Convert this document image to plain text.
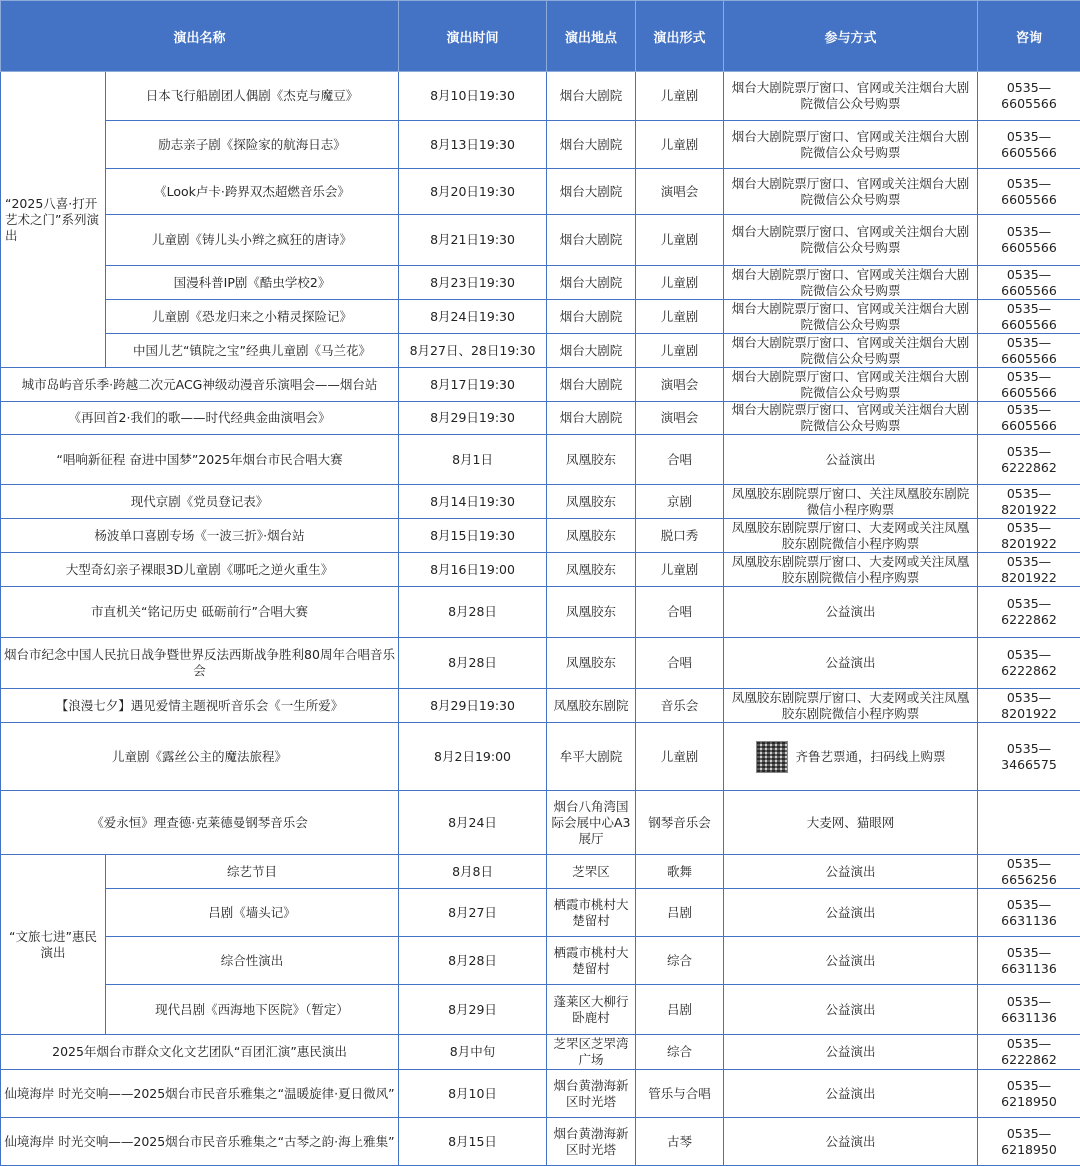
演出名称		演出时间	演出地点	演出形式	参与方式	咨询
“2025八喜·打开艺术之门”系列演出	日本飞行船剧团人偶剧《杰克与魔豆》	8月10日19:30	烟台大剧院	儿童剧	烟台大剧院票厅窗口、官网或关注烟台大剧院微信公众号购票	0535—6605566
	励志亲子剧《探险家的航海日志》	8月13日19:30	烟台大剧院	儿童剧	烟台大剧院票厅窗口、官网或关注烟台大剧院微信公众号购票	0535—6605566
	《Look卢卡·跨界双杰超燃音乐会》	8月20日19:30	烟台大剧院	演唱会	烟台大剧院票厅窗口、官网或关注烟台大剧院微信公众号购票	0535—6605566
	儿童剧《铸儿头小辫之疯狂的唐诗》	8月21日19:30	烟台大剧院	儿童剧	烟台大剧院票厅窗口、官网或关注烟台大剧院微信公众号购票	0535—6605566
	国漫科普IP剧《酷虫学校2》	8月23日19:30	烟台大剧院	儿童剧	烟台大剧院票厅窗口、官网或关注烟台大剧院微信公众号购票	0535—6605566
	儿童剧《恐龙归来之小精灵探险记》	8月24日19:30	烟台大剧院	儿童剧	烟台大剧院票厅窗口、官网或关注烟台大剧院微信公众号购票	0535—6605566
	中国儿艺“镇院之宝”经典儿童剧《马兰花》	8月27日、28日19:30	烟台大剧院	儿童剧	烟台大剧院票厅窗口、官网或关注烟台大剧院微信公众号购票	0535—6605566
城市岛屿音乐季·跨越二次元ACG神级动漫音乐演唱会——烟台站		8月17日19:30	烟台大剧院	演唱会	烟台大剧院票厅窗口、官网或关注烟台大剧院微信公众号购票	0535—6605566
《再回首2·我们的歌——时代经典金曲演唱会》		8月29日19:30	烟台大剧院	演唱会	烟台大剧院票厅窗口、官网或关注烟台大剧院微信公众号购票	0535—6605566
“唱响新征程 奋进中国梦”2025年烟台市民合唱大赛		8月1日	凤凰胶东	合唱	公益演出	0535—6222862
现代京剧《党员登记表》		8月14日19:30	凤凰胶东	京剧	凤凰胶东剧院票厅窗口、关注凤凰胶东剧院微信小程序购票	0535—8201922
杨波单口喜剧专场《一波三折》·烟台站		8月15日19:30	凤凰胶东	脱口秀	凤凰胶东剧院票厅窗口、大麦网或关注凤凰胶东剧院微信小程序购票	0535—8201922
大型奇幻亲子裸眼3D儿童剧《哪吒之逆火重生》		8月16日19:00	凤凰胶东	儿童剧	凤凰胶东剧院票厅窗口、大麦网或关注凤凰胶东剧院微信小程序购票	0535—8201922
市直机关“铭记历史 砥砺前行”合唱大赛		8月28日	凤凰胶东	合唱	公益演出	0535—6222862
烟台市纪念中国人民抗日战争暨世界反法西斯战争胜利80周年合唱音乐会		8月28日	凤凰胶东	合唱	公益演出	0535—6222862
【浪漫七夕】遇见爱情主题视听音乐会《一生所爱》		8月29日19:30	凤凰胶东剧院	音乐会	凤凰胶东剧院票厅窗口、大麦网或关注凤凰胶东剧院微信小程序购票	0535—8201922
儿童剧《露丝公主的魔法旅程》		8月2日19:00	牟平大剧院	儿童剧	齐鲁艺票通，扫码线上购票	0535—3466575
《爱永恒》理查德·克莱德曼钢琴音乐会		8月24日	烟台八角湾国际会展中心A3展厅	钢琴音乐会	大麦网、猫眼网	
“文旅七进”惠民演出	综艺节目	8月8日	芝罘区	歌舞	公益演出	0535—6656256
	吕剧《墙头记》	8月27日	栖霞市桃村大楚留村	吕剧	公益演出	0535—6631136
	综合性演出	8月28日	栖霞市桃村大楚留村	综合	公益演出	0535—6631136
	现代吕剧《西海地下医院》（暂定）	8月29日	蓬莱区大柳行卧鹿村	吕剧	公益演出	0535—6631136
2025年烟台市群众文化文艺团队“百团汇演”惠民演出		8月中旬	芝罘区芝罘湾广场	综合	公益演出	0535—6222862
仙境海岸 时光交响——2025烟台市民音乐雅集之“温暖旋律·夏日微风”		8月10日	烟台黄渤海新区时光塔	管乐与合唱	公益演出	0535—6218950
仙境海岸 时光交响——2025烟台市民音乐雅集之“古琴之韵·海上雅集”		8月15日	烟台黄渤海新区时光塔	古琴	公益演出	0535—6218950
